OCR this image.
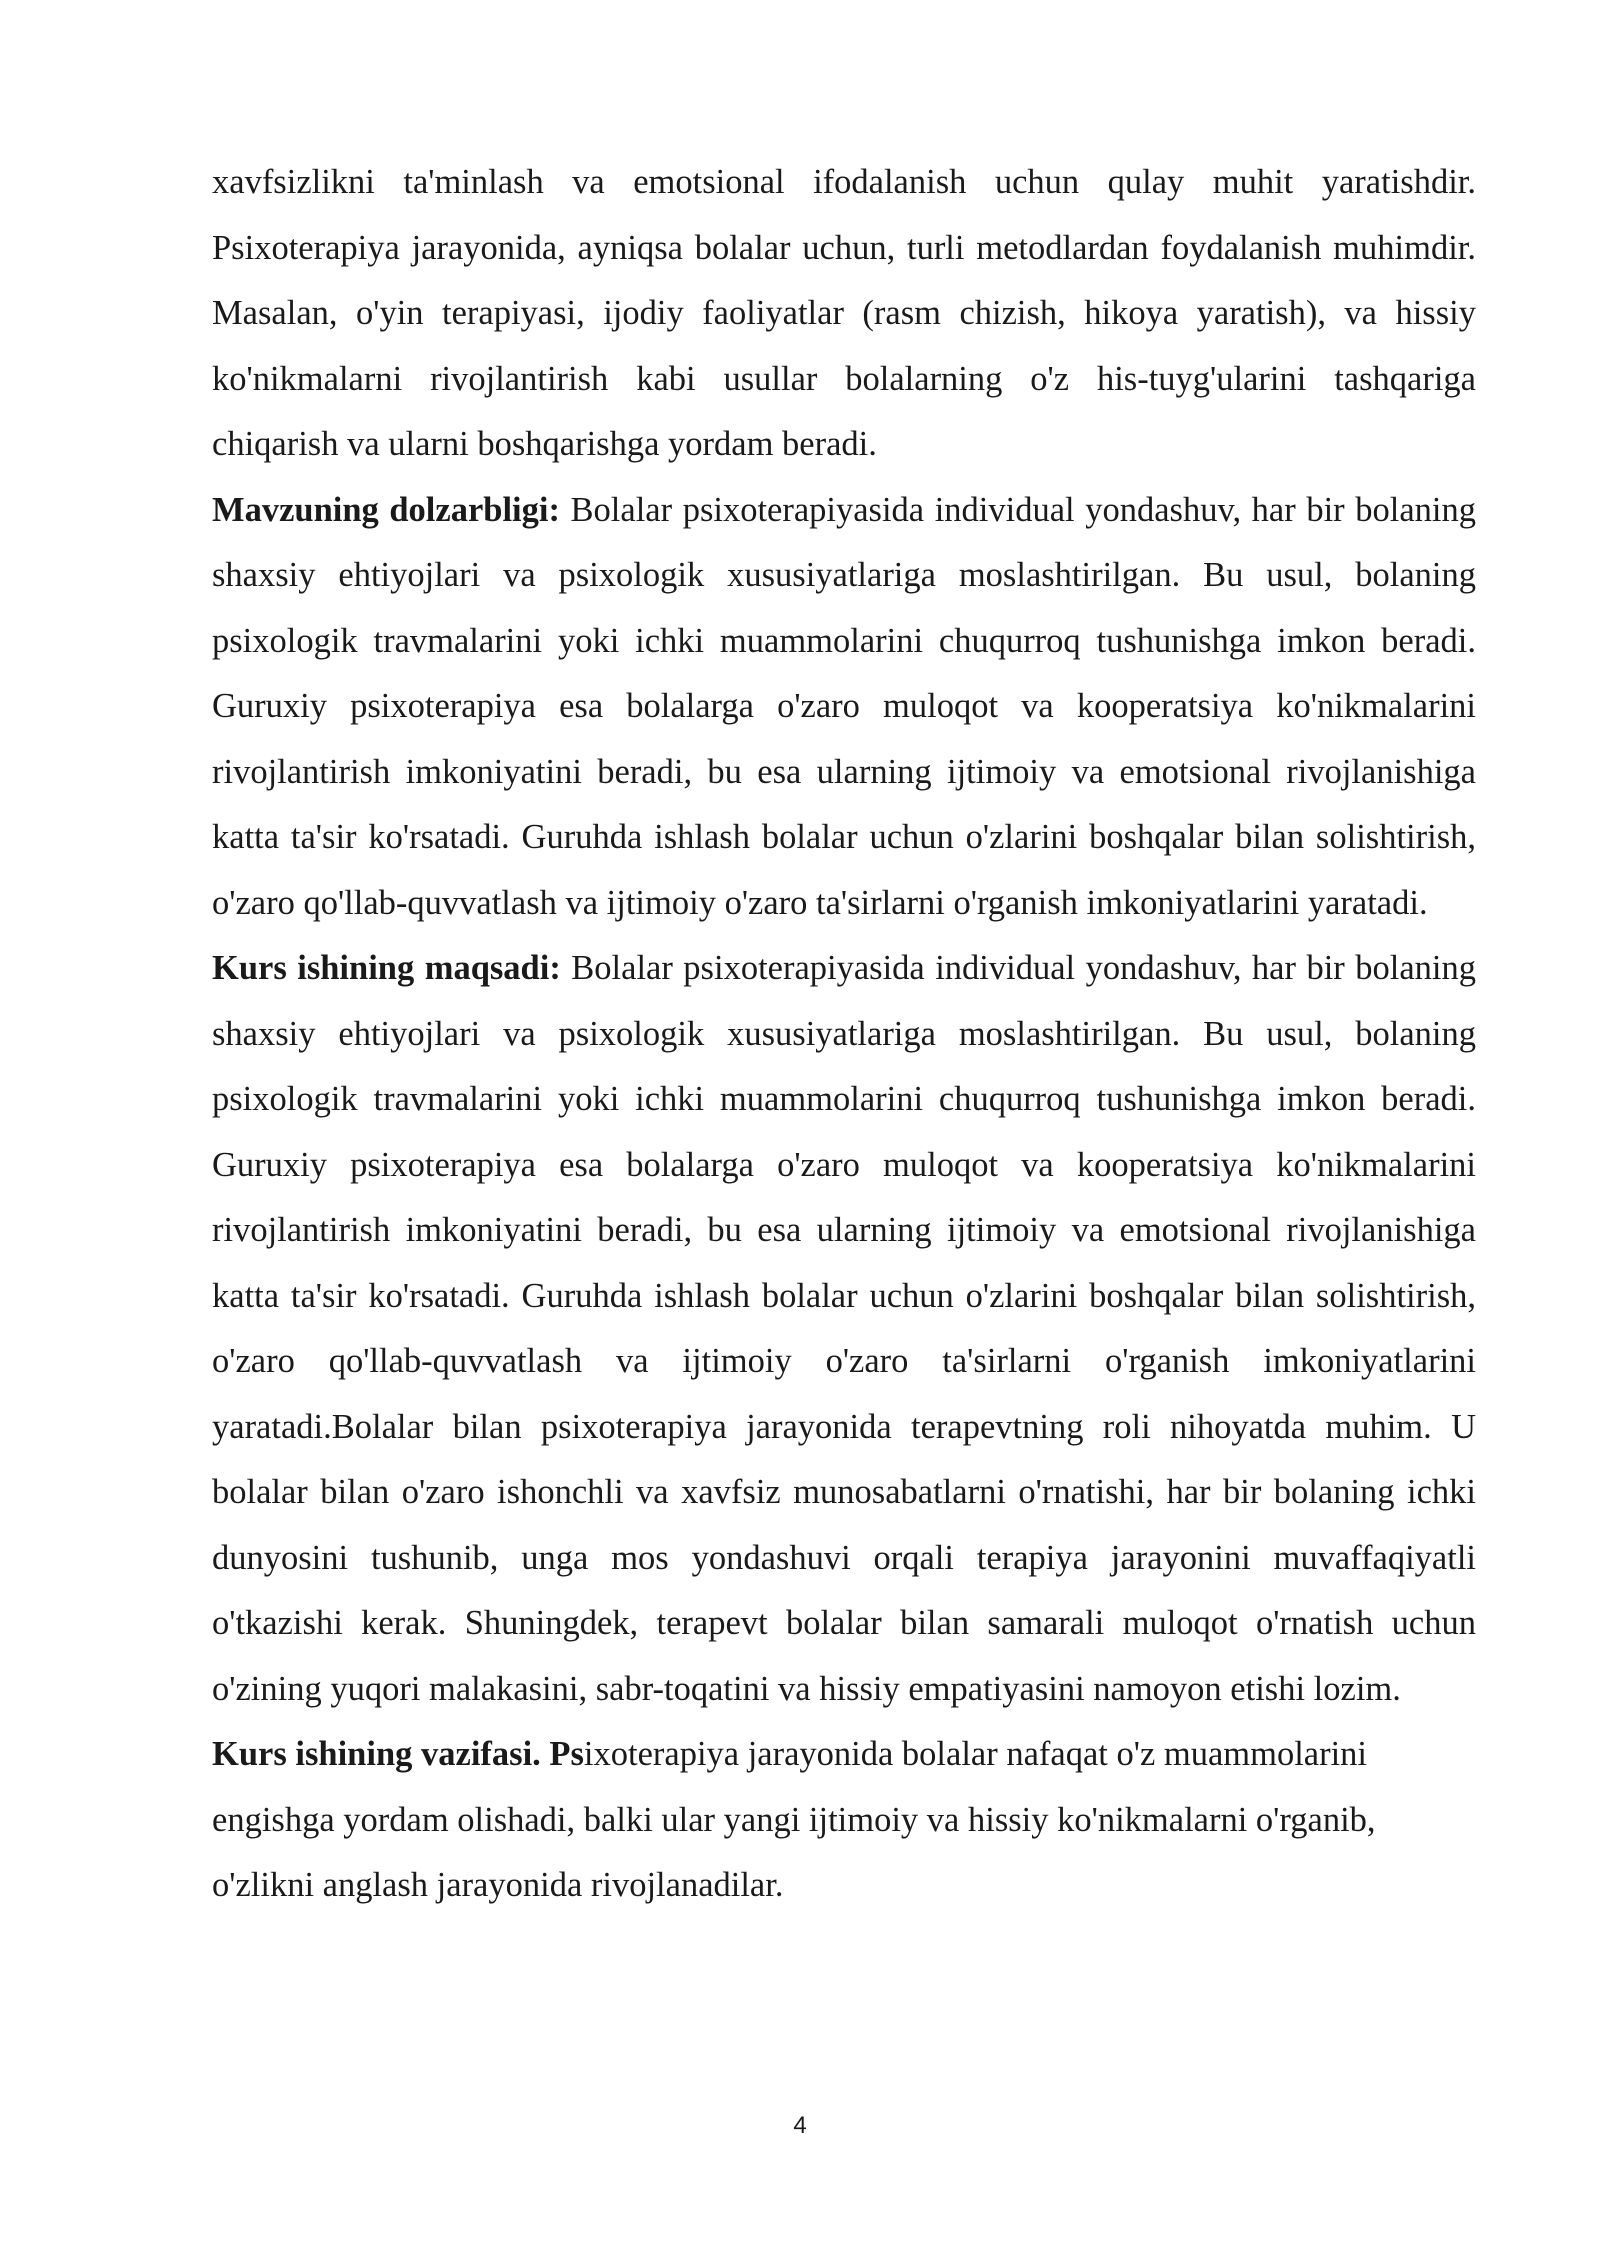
xavfsizlikni ta'minlash va emotsional ifodalanish uchun qulay muhit yaratishdir. Psixoterapiya jarayonida, ayniqsa bolalar uchun, turli metodlardan foydalanish muhimdir. Masalan, o'yin terapiyasi, ijodiy faoliyatlar (rasm chizish, hikoya yaratish), va hissiy ko'nikmalarni rivojlantirish kabi usullar bolalarning o'z his-tuyg'ularini tashqariga chiqarish va ularni boshqarishga yordam beradi.

Mavzuning dolzarbligi: Bolalar psixoterapiyasida individual yondashuv, har bir bolaning shaxsiy ehtiyojlari va psixologik xususiyatlariga moslashtirilgan. Bu usul, bolaning psixologik travmalarini yoki ichki muammolarini chuqurroq tushunishga imkon beradi. Guruxiy psixoterapiya esa bolalarga o'zaro muloqot va kooperatsiya ko'nikmalarini rivojlantirish imkoniyatini beradi, bu esa ularning ijtimoiy va emotsional rivojlanishiga katta ta'sir ko'rsatadi. Guruhda ishlash bolalar uchun o'zlarini boshqalar bilan solishtirish, o'zaro qo'llab-quvvatlash va ijtimoiy o'zaro ta'sirlarni o'rganish imkoniyatlarini yaratadi.

Kurs ishining maqsadi: Bolalar psixoterapiyasida individual yondashuv, har bir bolaning shaxsiy ehtiyojlari va psixologik xususiyatlariga moslashtirilgan. Bu usul, bolaning psixologik travmalarini yoki ichki muammolarini chuqurroq tushunishga imkon beradi. Guruxiy psixoterapiya esa bolalarga o'zaro muloqot va kooperatsiya ko'nikmalarini rivojlantirish imkoniyatini beradi, bu esa ularning ijtimoiy va emotsional rivojlanishiga katta ta'sir ko'rsatadi. Guruhda ishlash bolalar uchun o'zlarini boshqalar bilan solishtirish, o'zaro qo'llab-quvvatlash va ijtimoiy o'zaro ta'sirlarni o'rganish imkoniyatlarini yaratadi.Bolalar bilan psixoterapiya jarayonida terapevtning roli nihoyatda muhim. U bolalar bilan o'zaro ishonchli va xavfsiz munosabatlarni o'rnatishi, har bir bolaning ichki dunyosini tushunib, unga mos yondashuvi orqali terapiya jarayonini muvaffaqiyatli o'tkazishi kerak. Shuningdek, terapevt bolalar bilan samarali muloqot o'rnatish uchun o'zining yuqori malakasini, sabr-toqatini va hissiy empatiyasini namoyon etishi lozim.

Kurs ishining vazifasi. Psixoterapiya jarayonida bolalar nafaqat o'z muammolarini engishga yordam olishadi, balki ular yangi ijtimoiy va hissiy ko'nikmalarni o'rganib, o'zlikni anglash jarayonida rivojlanadilar.

4
